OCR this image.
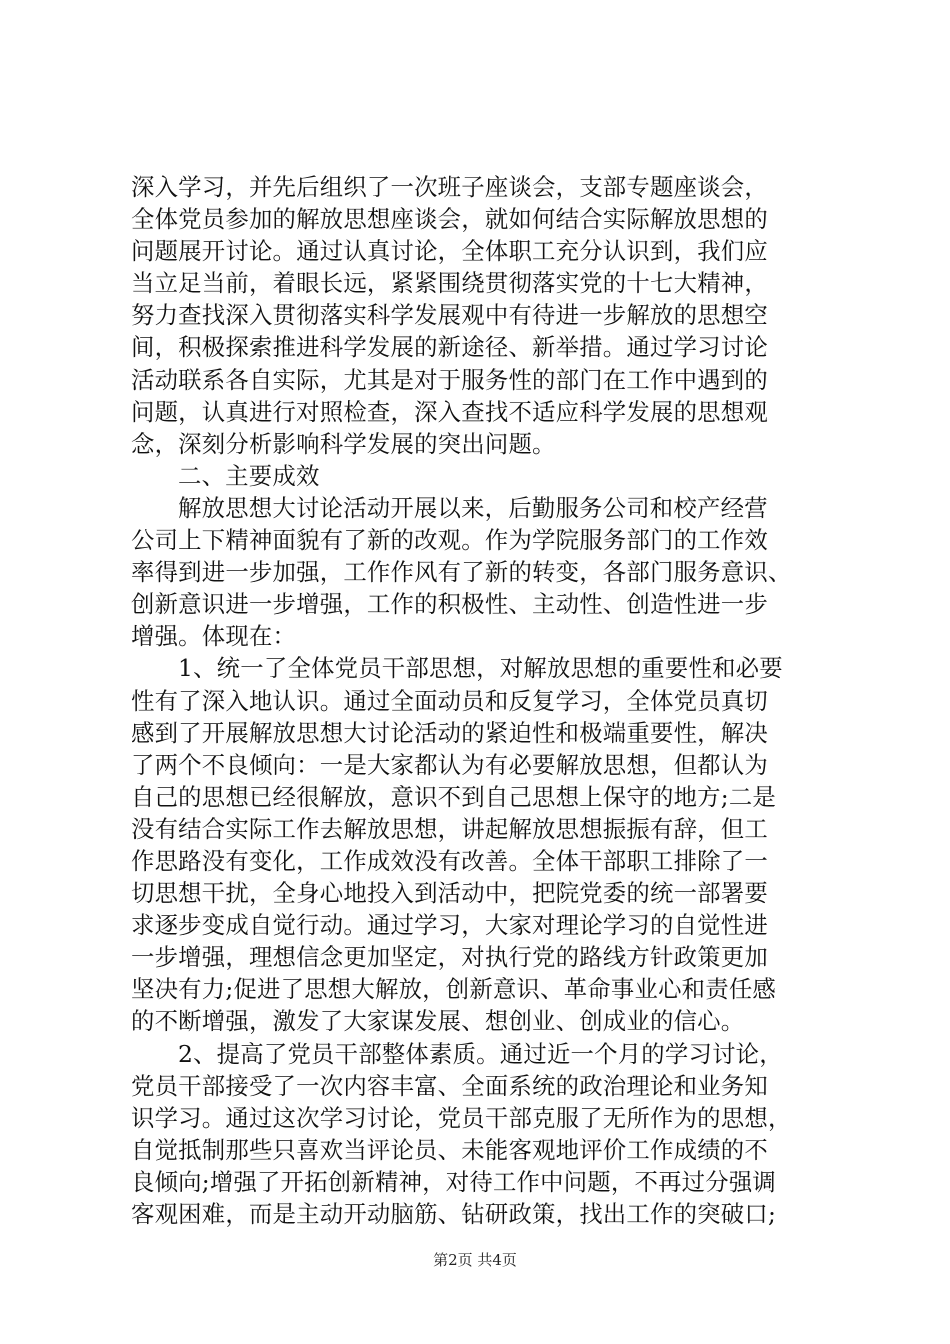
深入学习，并先后组织了一次班子座谈会，支部专题座谈会，
全体党员参加的解放思想座谈会，就如何结合实际解放思想的
问题展开讨论。通过认真讨论，全体职工充分认识到，我们应
当立足当前，着眼长远，紧紧围绕贯彻落实党的十七大精神，
努力查找深入贯彻落实科学发展观中有待进一步解放的思想空
间，积极探索推进科学发展的新途径、新举措。通过学习讨论
活动联系各自实际，尤其是对于服务性的部门在工作中遇到的
问题，认真进行对照检查，深入查找不适应科学发展的思想观
念，深刻分析影响科学发展的突出问题。
二、主要成效
解放思想大讨论活动开展以来，后勤服务公司和校产经营
公司上下精神面貌有了新的改观。作为学院服务部门的工作效
率得到进一步加强，工作作风有了新的转变，各部门服务意识、
创新意识进一步增强，工作的积极性、主动性、创造性进一步
增强。体现在：
1、统一了全体党员干部思想，对解放思想的重要性和必要
性有了深入地认识。通过全面动员和反复学习，全体党员真切
感到了开展解放思想大讨论活动的紧迫性和极端重要性，解决
了两个不良倾向：一是大家都认为有必要解放思想，但都认为
自己的思想已经很解放，意识不到自己思想上保守的地方;二是
没有结合实际工作去解放思想，讲起解放思想振振有辞，但工
作思路没有变化，工作成效没有改善。全体干部职工排除了一
切思想干扰，全身心地投入到活动中，把院党委的统一部署要
求逐步变成自觉行动。通过学习，大家对理论学习的自觉性进
一步增强，理想信念更加坚定，对执行党的路线方针政策更加
坚决有力;促进了思想大解放，创新意识、革命事业心和责任感
的不断增强，激发了大家谋发展、想创业、创成业的信心。
2、提高了党员干部整体素质。通过近一个月的学习讨论，
党员干部接受了一次内容丰富、全面系统的政治理论和业务知
识学习。通过这次学习讨论，党员干部克服了无所作为的思想，
自觉抵制那些只喜欢当评论员、未能客观地评价工作成绩的不
良倾向;增强了开拓创新精神，对待工作中问题，不再过分强调
客观困难，而是主动开动脑筋、钻研政策，找出工作的突破口;
第2页 共4页
